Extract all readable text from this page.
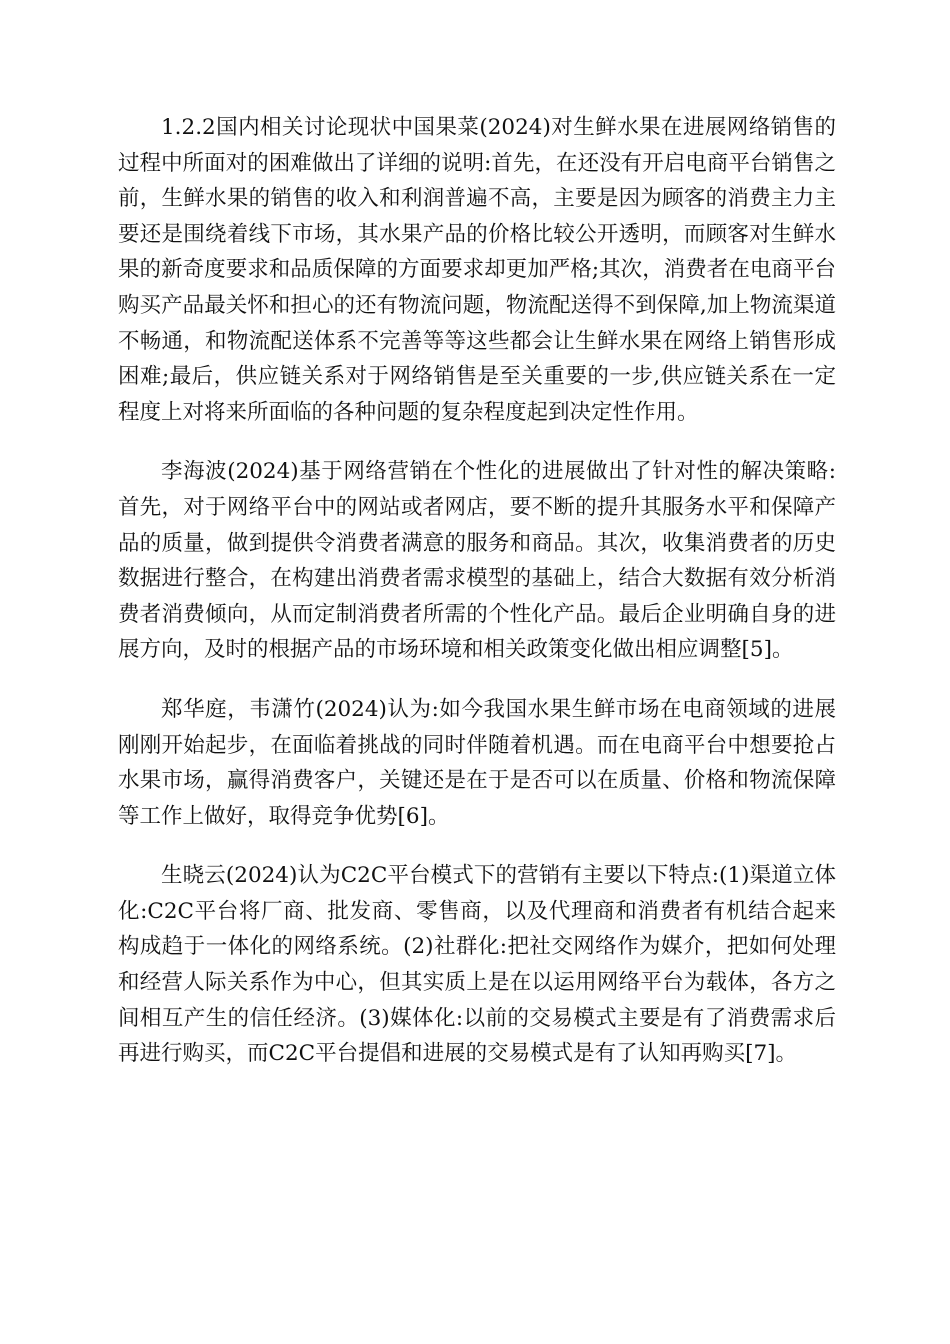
1.2.2国内相关讨论现状中国果菜(2024)对生鲜水果在进展网络销售的过程中所面对的困难做出了详细的说明:首先，在还没有开启电商平台销售之前，生鲜水果的销售的收入和利润普遍不高，主要是因为顾客的消费主力主要还是围绕着线下市场，其水果产品的价格比较公开透明，而顾客对生鲜水果的新奇度要求和品质保障的方面要求却更加严格;其次，消费者在电商平台购买产品最关怀和担心的还有物流问题，物流配送得不到保障,加上物流渠道不畅通，和物流配送体系不完善等等这些都会让生鲜水果在网络上销售形成困难;最后，供应链关系对于网络销售是至关重要的一步,供应链关系在一定程度上对将来所面临的各种问题的复杂程度起到决定性作用。

李海波(2024)基于网络营销在个性化的进展做出了针对性的解决策略:首先，对于网络平台中的网站或者网店，要不断的提升其服务水平和保障产品的质量，做到提供令消费者满意的服务和商品。其次，收集消费者的历史数据进行整合，在构建出消费者需求模型的基础上，结合大数据有效分析消费者消费倾向，从而定制消费者所需的个性化产品。最后企业明确自身的进展方向，及时的根据产品的市场环境和相关政策变化做出相应调整[5]。

郑华庭，韦潇竹(2024)认为:如今我国水果生鲜市场在电商领域的进展刚刚开始起步，在面临着挑战的同时伴随着机遇。而在电商平台中想要抢占水果市场，赢得消费客户，关键还是在于是否可以在质量、价格和物流保障等工作上做好，取得竞争优势[6]。

生晓云(2024)认为C2C平台模式下的营销有主要以下特点:(1)渠道立体化:C2C平台将厂商、批发商、零售商，以及代理商和消费者有机结合起来构成趋于一体化的网络系统。(2)社群化:把社交网络作为媒介，把如何处理和经营人际关系作为中心，但其实质上是在以运用网络平台为载体，各方之间相互产生的信任经济。(3)媒体化:以前的交易模式主要是有了消费需求后再进行购买，而C2C平台提倡和进展的交易模式是有了认知再购买[7]。
